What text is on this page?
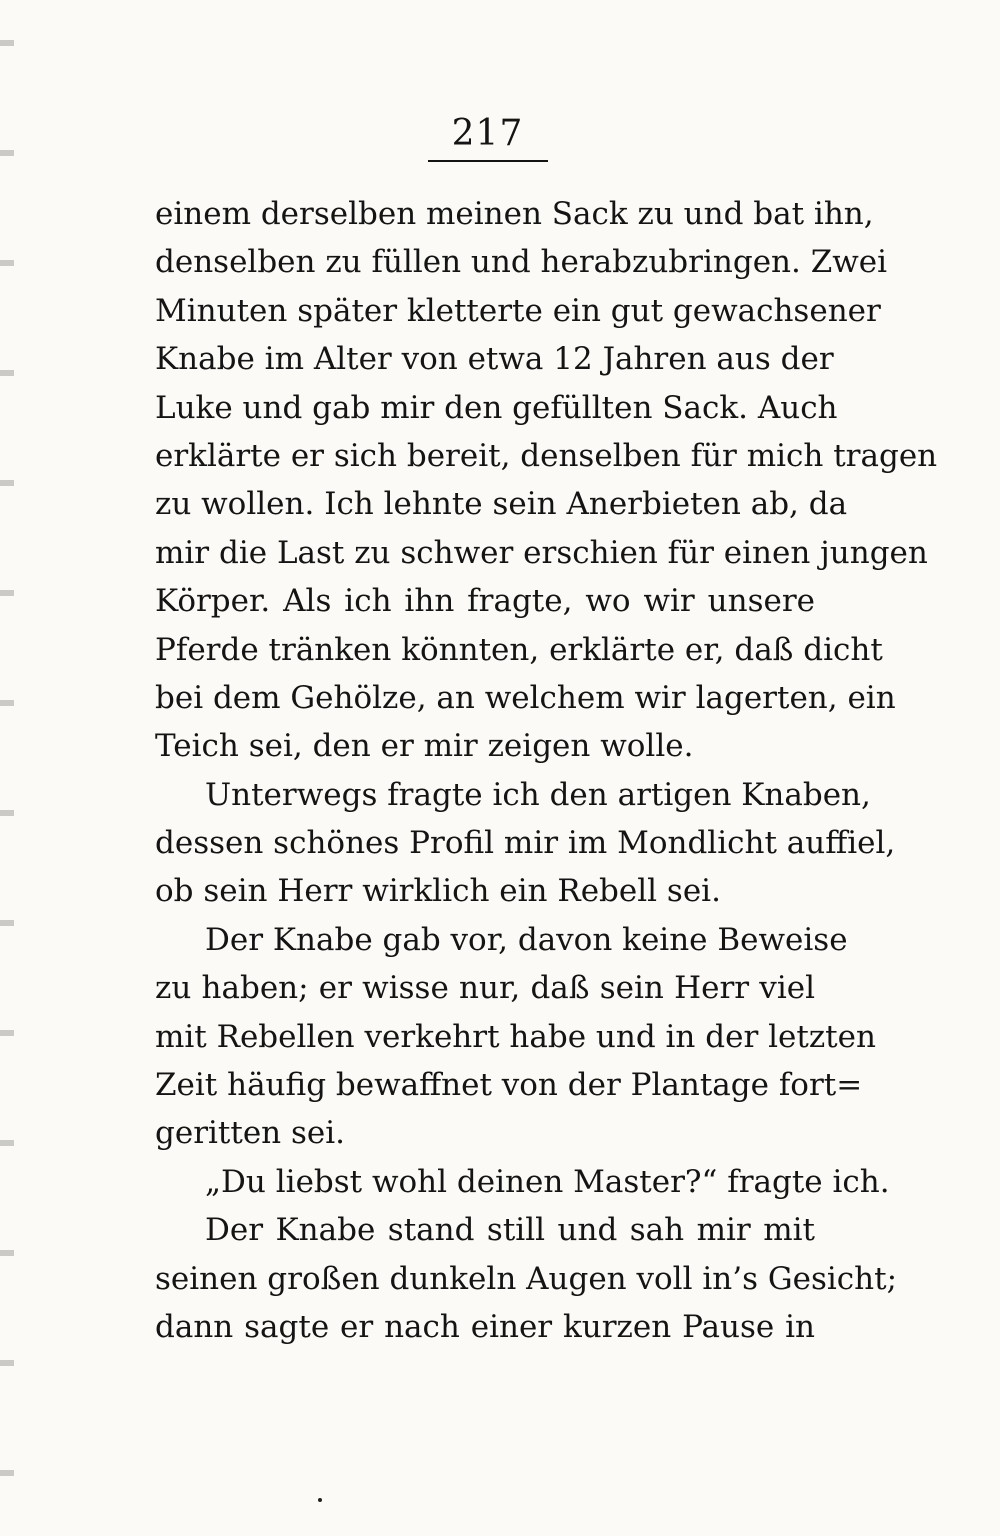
217
einem derselben meinen Sack zu und bat ihn,
denselben zu füllen und herabzubringen. Zwei
Minuten später kletterte ein gut gewachsener
Knabe im Alter von etwa 12 Jahren aus der
Luke und gab mir den gefüllten Sack. Auch
erklärte er sich bereit, denselben für mich tragen
zu wollen. Ich lehnte sein Anerbieten ab, da
mir die Last zu schwer erschien für einen jungen
Körper. Als ich ihn fragte, wo wir unsere
Pferde tränken könnten, erklärte er, daß dicht
bei dem Gehölze, an welchem wir lagerten, ein
Teich sei, den er mir zeigen wolle.
Unterwegs fragte ich den artigen Knaben,
dessen schönes Profil mir im Mondlicht auffiel,
ob sein Herr wirklich ein Rebell sei.
Der Knabe gab vor, davon keine Beweise
zu haben; er wisse nur, daß sein Herr viel
mit Rebellen verkehrt habe und in der letzten
Zeit häufig bewaffnet von der Plantage fort=
geritten sei.
„Du liebst wohl deinen Master?“ fragte ich.
Der Knabe stand still und sah mir mit
seinen großen dunkeln Augen voll in’s Gesicht;
dann sagte er nach einer kurzen Pause in
